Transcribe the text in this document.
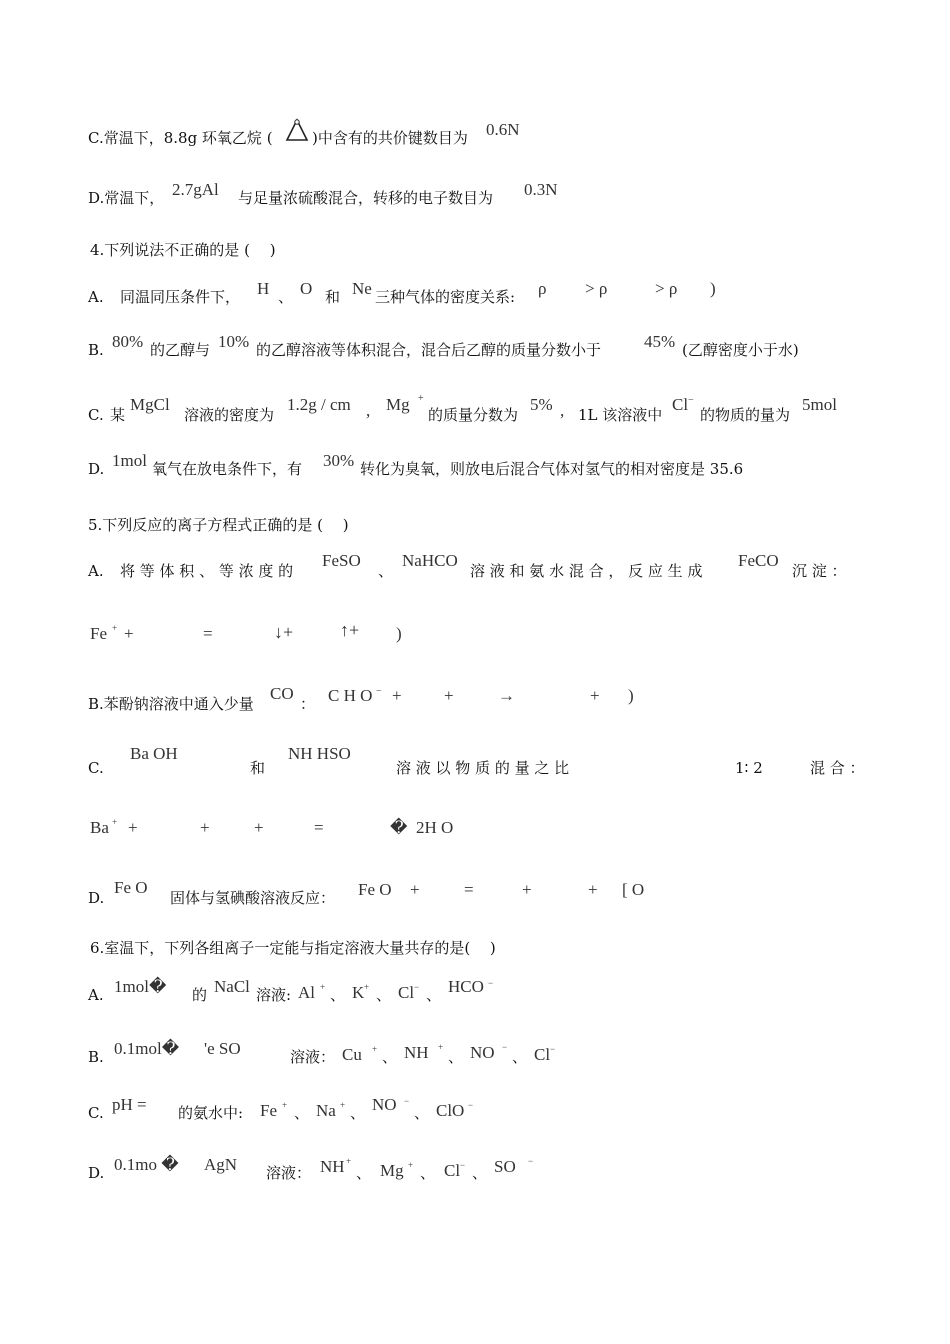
C.常温下，8.8g 环氧乙烷 (	)中含有的共价键数目为 0.6N
D.常温下， 2.7gAl 与足量浓硫酸混合，转移的电子数目为 0.3N
4.下列说法不正确的是 (　 )
A. 同温同压条件下， H 、 O 和 Ne 三种气体的密度关系: ρ > ρ	> ρ )
B. 80% 的乙醇与 10% 的乙醇溶液等体积混合，混合后乙醇的质量分数小于	45% (乙醇密度小于水)
C. 某
MgCl
溶液的密度为
1.2g / cm , Mg +
的质量分数为
5% , 1L 该溶液中
Cl −
的物质的量为
5mol
D. 1mol 氧气在放电条件下，有 30% 转化为臭氧，则放电后混合气体对氢气的相对密度是 35.6
5.下列反应的离子方程式正确的是 (　 )
A. 将 等 体 积 、 等 浓 度 的
FeSO
、
NaHCO
溶 液 和 氨 水 混 合 ， 反 应 生 成
FeCO
沉 淀 ：
Fe + +	=	↓+	↑+ )
B.苯酚钠溶液中通入少量
CO
： C H O − + +	→	+ )
C.
Ba OH
和
NH HSO
溶 液 以 物 质 的 量 之 比	1∶ 2	混 合 ：
Ba + +	+	+	=	� 2H O
D.
Fe O
固体与氢碘酸溶液反应： Fe O +	=	+	+ [ O
6.室温下，下列各组离子一定能与指定溶液大量共存的是(　 )
A. 1mol� 的 NaCl 溶液: Al + 、 K + 、 Cl − 、 HCO −
B. 0.1mol� 'e SO	溶液： Cu + 、 NH +
、 NO −
、 Cl −
C. pH = 的氨水中: Fe + 、 Na + 、 NO −
、 ClO −
D. 0.1mo � AgN 溶液： NH +
、 Mg + 、 Cl − 、 SO −
